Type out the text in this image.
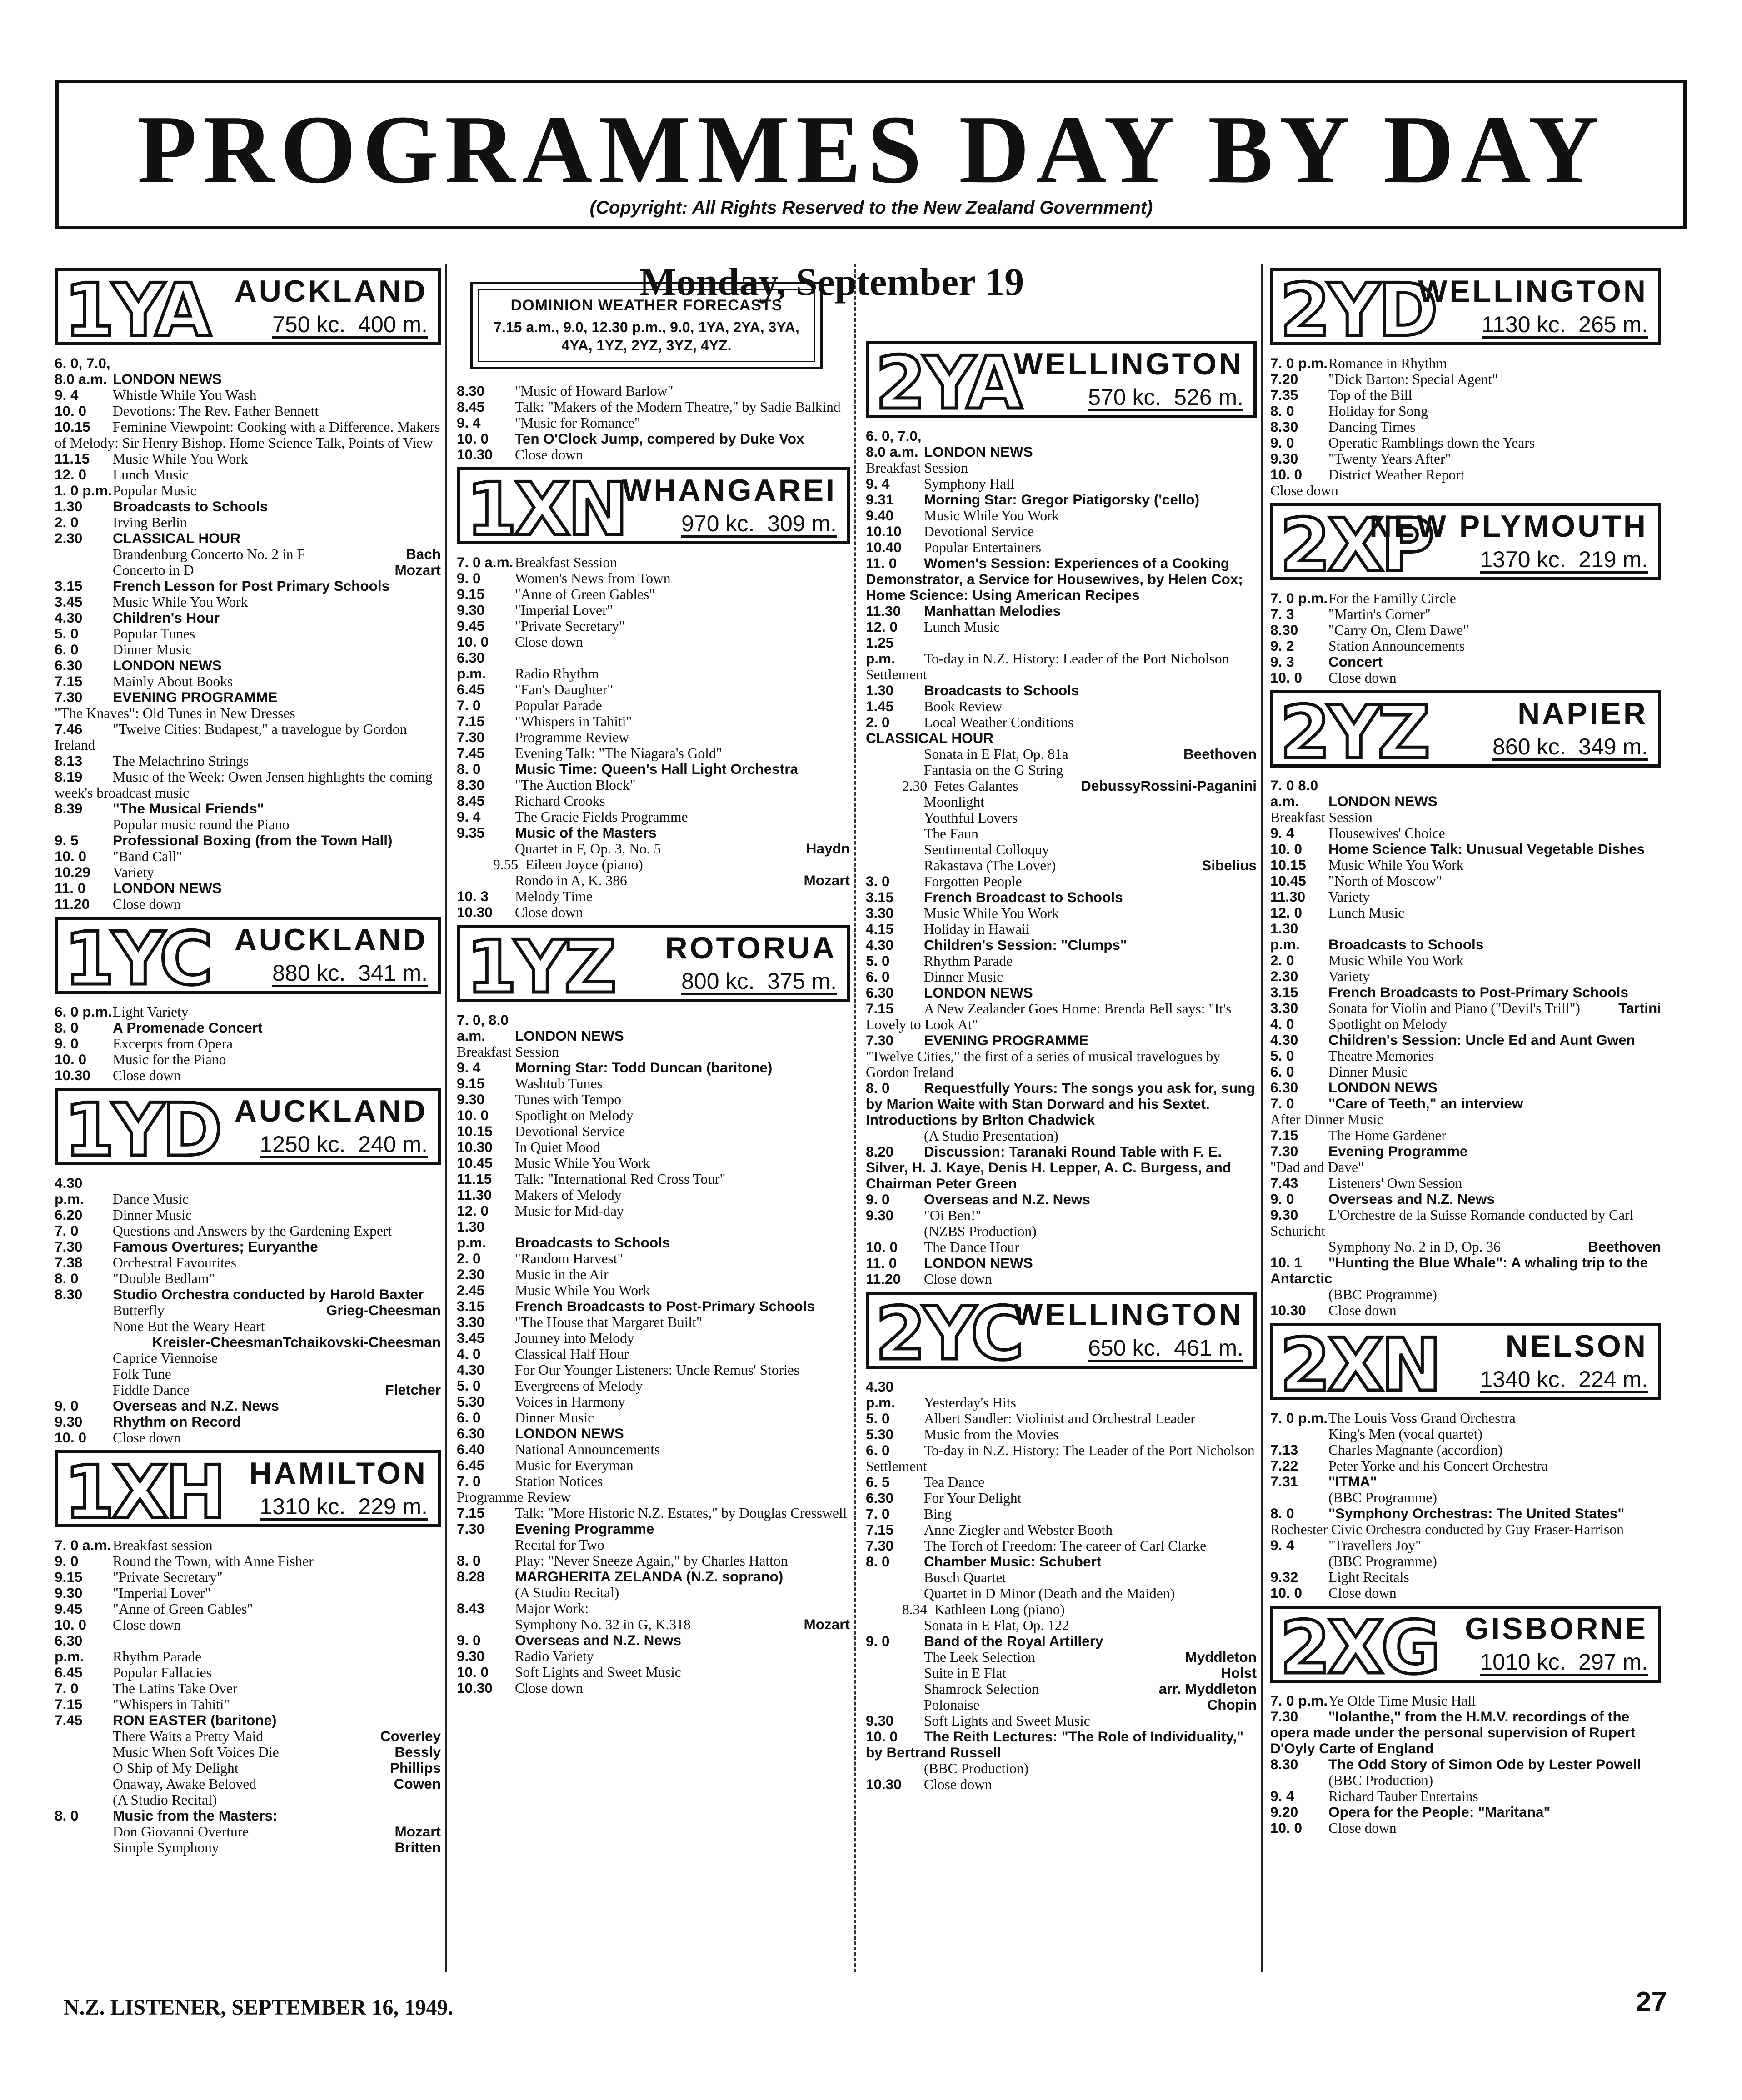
PROGRAMMES DAY BY DAY
(Copyright: All Rights Reserved to the New Zealand Government)
1YA AUCKLAND
750 kc. 400 m.

6. 0, 7.0, 8.0 a.m. LONDON NEWS

9. 4 Whistle While You Wash

10. 0 Devotions: The Rev. Father Bennett

10.15 Feminine Viewpoint: Cooking with a Difference. Makers of Melody: Sir Henry Bishop. Home Science Talk, Points of View

11.15 Music While You Work

12. 0 Lunch Music

1. 0 p.m.Popular Music

1.30 Broadcasts to Schools

2. 0 Irving Berlin

2.30 CLASSICAL HOUR

Bach
Brandenburg Concerto No. 2 in F

Mozart
Concerto in D

3.15 French Lesson for Post Primary Schools

3.45 Music While You Work

4.30 Children's Hour

5. 0 Popular Tunes

6. 0 Dinner Music

6.30 LONDON NEWS

7.15 Mainly About Books

7.30 EVENING PROGRAMME

"The Knaves": Old Tunes in New Dresses

7.46 "Twelve Cities: Budapest," a travelogue by Gordon Ireland

8.13 The Melachrino Strings

8.19 Music of the Week: Owen Jensen highlights the coming week's broadcast music

8.39 "The Musical Friends"

Popular music round the Piano

9. 5 Professional Boxing (from the Town Hall)

10. 0 "Band Call"

10.29 Variety

11. 0 LONDON NEWS

11.20 Close down

1YC AUCKLAND
880 kc. 341 m.

6. 0 p.m.Light Variety

8. 0 A Promenade Concert

9. 0 Excerpts from Opera

10. 0 Music for the Piano

10.30 Close down

1YD AUCKLAND
1250 kc. 240 m.

4.30 p.m. Dance Music

6.20 Dinner Music

7. 0 Questions and Answers by the Gardening Expert

7.30 Famous Overtures; Euryanthe

7.38 Orchestral Favourites

8. 0 "Double Bedlam"

8.30 Studio Orchestra conducted by Harold Baxter

Grieg-Cheesman
Butterfly

None But the Weary Heart

Tchaikovski-Cheesman

Kreisler-Cheesman
Caprice Viennoise

Folk Tune

Fletcher
Fiddle Dance

9. 0 Overseas and N.Z. News

9.30 Rhythm on Record

10. 0 Close down

1XH HAMILTON
1310 kc. 229 m.

7. 0 a.m. Breakfast session

9. 0 Round the Town, with Anne Fisher

9.15 "Private Secretary"

9.30 "Imperial Lover"

9.45 "Anne of Green Gables"

10. 0 Close down

6.30 p.m. Rhythm Parade

6.45 Popular Fallacies

7. 0 The Latins Take Over

7.15 "Whispers in Tahiti"

7.45 RON EASTER (baritone)

Coverley
There Waits a Pretty Maid

Bessly
Music When Soft Voices Die

Phillips
O Ship of My Delight

Cowen
Onaway, Awake Beloved

(A Studio Recital)

8. 0 Music from the Masters:

Mozart
Don Giovanni Overture

Britten
Simple Symphony

DOMINION WEATHER FORECASTS
7.15 a.m., 9.0, 12.30 p.m., 9.0, 1YA, 2YA, 3YA, 4YA, 1YZ, 2YZ, 3YZ, 4YZ.

8.30 "Music of Howard Barlow"

8.45 Talk: "Makers of the Modern Theatre," by Sadie Balkind

9. 4 "Music for Romance"

10. 0 Ten O'Clock Jump, compered by Duke Vox

10.30 Close down

1XN
WHANGAREI
970 kc. 309 m.

7. 0 a.m. Breakfast Session

9. 0 Women's News from Town

9.15 "Anne of Green Gables"

9.30 "Imperial Lover"

9.45 "Private Secretary"

10. 0 Close down

6.30 p.m. Radio Rhythm

6.45 "Fan's Daughter"

7. 0 Popular Parade

7.15 "Whispers in Tahiti"

7.30 Programme Review

7.45 Evening Talk: "The Niagara's Gold"

8. 0 Music Time: Queen's Hall Light Orchestra

8.30 "The Auction Block"

8.45 Richard Crooks

9. 4 The Gracie Fields Programme

9.35 Music of the Masters

Haydn
Quartet in F, Op. 3, No. 5

9.55 Eileen Joyce (piano)

Mozart
Rondo in A, K. 386

10. 3 Melody Time

10.30 Close down

1YZ ROTORUA
800 kc. 375 m.

7. 0, 8.0 a.m. LONDON NEWS

Breakfast Session

9. 4 Morning Star: Todd Duncan (baritone)

9.15 Washtub Tunes

9.30 Tunes with Tempo

10. 0 Spotlight on Melody

10.15 Devotional Service

10.30 In Quiet Mood

10.45 Music While You Work

11.15 Talk: "International Red Cross Tour"

11.30 Makers of Melody

12. 0 Music for Mid-day

1.30 p.m. Broadcasts to Schools

2. 0 "Random Harvest"

2.30 Music in the Air

2.45 Music While You Work

3.15 French Broadcasts to Post-Primary Schools

3.30 "The House that Margaret Built"

3.45 Journey into Melody

4. 0 Classical Half Hour

4.30 For Our Younger Listeners: Uncle Remus' Stories

5. 0 Evergreens of Melody

5.30 Voices in Harmony

6. 0 Dinner Music

6.30 LONDON NEWS

6.40 National Announcements

6.45 Music for Everyman

7. 0 Station Notices

Programme Review

7.15 Talk: "More Historic N.Z. Estates," by Douglas Cresswell

7.30 Evening Programme

Recital for Two

8. 0 Play: "Never Sneeze Again," by Charles Hatton

8.28 MARGHERITA ZELANDA (N.Z. soprano)

(A Studio Recital)

8.43 Major Work:

Mozart
Symphony No. 32 in G, K.318

9. 0 Overseas and N.Z. News

9.30 Radio Variety

10. 0 Soft Lights and Sweet Music

10.30 Close down

Monday, September 19
2YA
WELLINGTON
570 kc. 526 m.

6. 0, 7.0, 8.0 a.m. LONDON NEWS

Breakfast Session

9. 4 Symphony Hall

9.31 Morning Star: Gregor Piatigorsky ('cello)

9.40 Music While You Work

10.10 Devotional Service

10.40 Popular Entertainers

11. 0 Women's Session: Experiences of a Cooking Demonstrator, a Service for Housewives, by Helen Cox; Home Science: Using American Recipes

11.30 Manhattan Melodies

12. 0 Lunch Music

1.25 p.m. To-day in N.Z. History: Leader of the Port Nicholson Settlement

1.30 Broadcasts to Schools

1.45 Book Review

2. 0 Local Weather Conditions

CLASSICAL HOUR

Beethoven
Sonata in E Flat, Op. 81a

Fantasia on the G String

Rossini-Paganini

Debussy
2.30 Fetes Galantes

Moonlight

Youthful Lovers

The Faun

Sentimental Colloquy

Sibelius
Rakastava (The Lover)

3. 0 Forgotten People

3.15 French Broadcast to Schools

3.30 Music While You Work

4.15 Holiday in Hawaii

4.30 Children's Session: "Clumps"

5. 0 Rhythm Parade

6. 0 Dinner Music

6.30 LONDON NEWS

7.15 A New Zealander Goes Home: Brenda Bell says: "It's Lovely to Look At"

7.30 EVENING PROGRAMME

"Twelve Cities," the first of a series of musical travelogues by Gordon Ireland

8. 0 Requestfully Yours: The songs you ask for, sung by Marion Waite with Stan Dorward and his Sextet. Introductions by Brlton Chadwick

(A Studio Presentation)

8.20 Discussion: Taranaki Round Table with F. E. Silver, H. J. Kaye, Denis H. Lepper, A. C. Burgess, and Chairman Peter Green

9. 0 Overseas and N.Z. News

9.30 "Oi Ben!"

(NZBS Production)

10. 0 The Dance Hour

11. 0 LONDON NEWS

11.20 Close down

2YC
WELLINGTON
650 kc. 461 m.

4.30 p.m. Yesterday's Hits

5. 0 Albert Sandler: Violinist and Orchestral Leader

5.30 Music from the Movies

6. 0 To-day in N.Z. History: The Leader of the Port Nicholson Settlement

6. 5 Tea Dance

6.30 For Your Delight

7. 0 Bing

7.15 Anne Ziegler and Webster Booth

7.30 The Torch of Freedom: The career of Carl Clarke

8. 0 Chamber Music: Schubert

Busch Quartet

Quartet in D Minor (Death and the Maiden)

8.34 Kathleen Long (piano)

Sonata in E Flat, Op. 122

9. 0 Band of the Royal Artillery

Myddleton
The Leek Selection

Holst
Suite in E Flat

arr. Myddleton
Shamrock Selection

Chopin
Polonaise

9.30 Soft Lights and Sweet Music

10. 0 The Reith Lectures: "The Role of Individuality," by Bertrand Russell

(BBC Production)

10.30 Close down

2YD
WELLINGTON
1130 kc. 265 m.

7. 0 p.m.Romance in Rhythm

7.20 "Dick Barton: Special Agent"

7.35 Top of the Bill

8. 0 Holiday for Song

8.30 Dancing Times

9. 0 Operatic Ramblings down the Years

9.30 "Twenty Years After"

10. 0 District Weather Report

Close down

2XP
NEW PLYMOUTH
1370 kc. 219 m.

7. 0 p.m.For the Familly Circle

7. 3 "Martin's Corner"

8.30 "Carry On, Clem Dawe"

9. 2 Station Announcements

9. 3 Concert

10. 0 Close down

2YZ	NAPIER
860 kc. 349 m.

7. 0 8.0 a.m. LONDON NEWS

Breakfast Session

9. 4 Housewives' Choice

10. 0 Home Science Talk: Unusual Vegetable Dishes

10.15 Music While You Work

10.45 "North of Moscow"

11.30 Variety

12. 0 Lunch Music

1.30 p.m. Broadcasts to Schools

2. 0 Music While You Work

2.30 Variety

3.15 French Broadcasts to Post-Primary Schools

Tartini
3.30 Sonata for Violin and Piano ("Devil's Trill")

4. 0 Spotlight on Melody

4.30 Children's Session: Uncle Ed and Aunt Gwen

5. 0 Theatre Memories

6. 0 Dinner Music

6.30 LONDON NEWS

7. 0 "Care of Teeth," an interview

After Dinner Music

7.15 The Home Gardener

7.30 Evening Programme

"Dad and Dave"

7.43 Listeners' Own Session

9. 0 Overseas and N.Z. News

9.30 L'Orchestre de la Suisse Romande conducted by Carl Schuricht

Beethoven
Symphony No. 2 in D, Op. 36

10. 1 "Hunting the Blue Whale": A whaling trip to the Antarctic

(BBC Programme)

10.30 Close down

2XN NELSON
1340 kc. 224 m.

7. 0 p.m.The Louis Voss Grand Orchestra

King's Men (vocal quartet)

7.13 Charles Magnante (accordion)

7.22 Peter Yorke and his Concert Orchestra

7.31 "ITMA"

(BBC Programme)

8. 0 "Symphony Orchestras: The United States"

Rochester Civic Orchestra conducted by Guy Fraser-Harrison

9. 4 "Travellers Joy"

(BBC Programme)

9.32 Light Recitals

10. 0 Close down

2XG GISBORNE
1010 kc. 297 m.

7. 0 p.m.Ye Olde Time Music Hall

7.30 "Iolanthe," from the H.M.V. recordings of the opera made under the personal supervision of Rupert D'Oyly Carte of England

8.30 The Odd Story of Simon Ode by Lester Powell

(BBC Production)

9. 4 Richard Tauber Entertains

9.20 Opera for the People: "Maritana"

10. 0 Close down

N.Z. LISTENER, SEPTEMBER 16, 1949.	27
